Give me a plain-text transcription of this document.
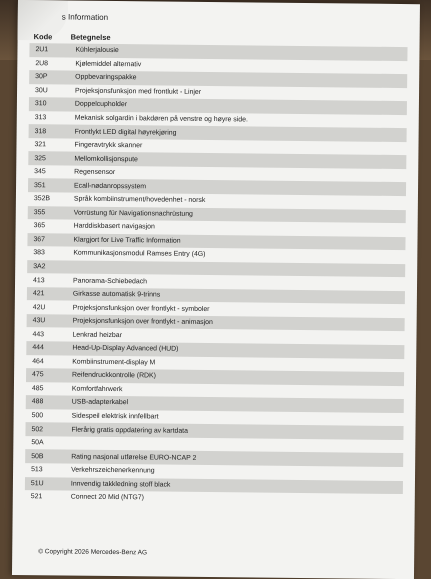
s Information
Kode Betegnelse
2U1	Kühlerjalousie
2U8	Kjølemiddel alternativ
30P	Oppbevaringspakke
30U	Projeksjonsfunksjon med frontlukt - Linjer
310	Doppelcupholder
313	Mekanisk solgardin i bakdøren på venstre og høyre side.
318	Frontlykt LED digital høyrekjøring
321	Fingeravtrykk skanner
325	Mellomkollisjonspute
345	Regensensor
351	Ecall-nødanropssystem
352B	Språk kombiinstrument/hovedenhet - norsk
355	Vorrüstung für Navigationsnachrüstung
365	Harddiskbasert navigasjon
367	Klargjort for Live Traffic Information
383	Kommunikasjonsmodul Ramses Entry (4G)
3A2
413	Panorama-Schiebedach
421	Girkasse automatisk 9-trinns
42U	Projeksjonsfunksjon over frontlykt - symboler
43U	Projeksjonsfunksjon over frontlykt - animasjon
443	Lenkrad heizbar
444	Head-Up-Display Advanced (HUD)
464	Kombiinstrument-display M
475	Reifendruckkontrolle (RDK)
485	Komfortfahrwerk
488	USB-adapterkabel
500	Sidespeil elektrisk innfellbart
502	Flerårig gratis oppdatering av kartdata
50A
50B	Rating nasjonal utførelse EURO-NCAP 2
513	Verkehrszeichenerkennung
51U	Innvendig takkledning stoff black
521	Connect 20 Mid (NTG7)
© Copyright 2026 Mercedes-Benz AG
